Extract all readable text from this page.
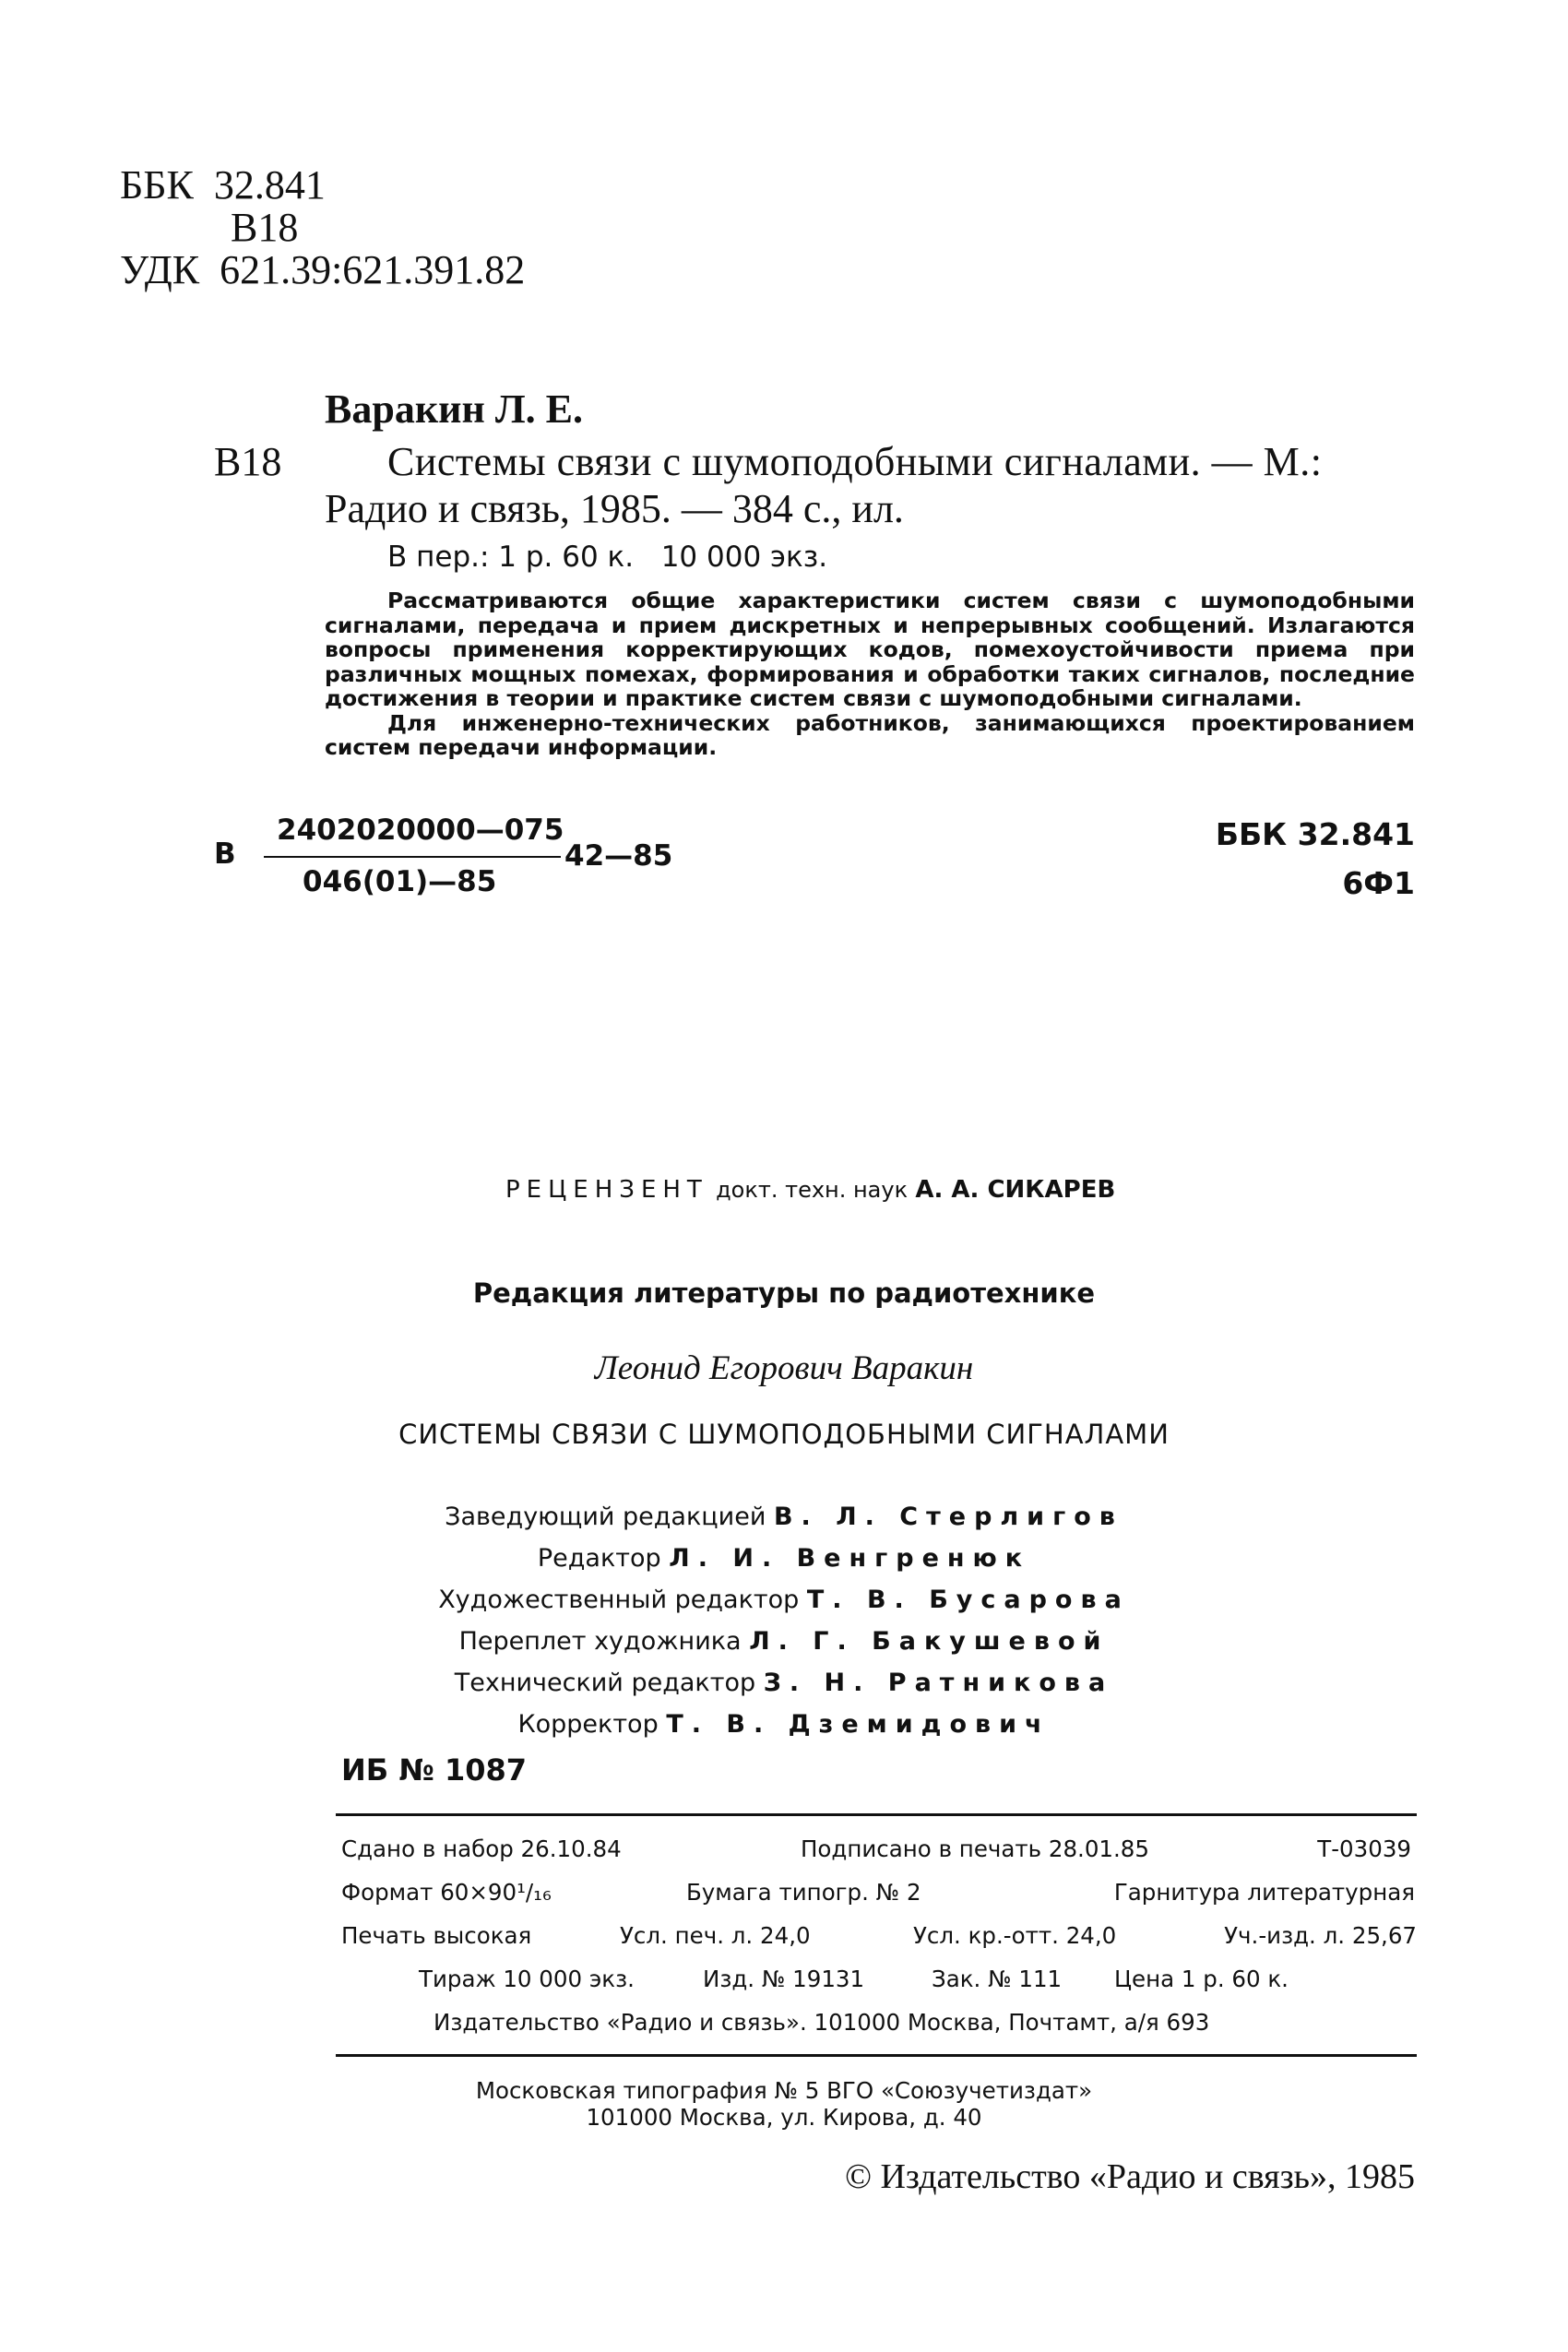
ББК 32.841
В18
УДК 621.39:621.391.82
Варакин Л. Е.
В18	Системы связи с шумоподобными сигналами. — М.:
Радио и связь, 1985. — 384 с., ил.
В пер.: 1 р. 60 к.   10 000 экз.

Рассматриваются общие характеристики систем связи с шумоподобными сигналами, передача и прием дискретных и непрерывных сообщений. Излагаются вопросы применения корректирующих кодов, помехоустойчивости приема при различных мощных помехах, формирования и обработки таких сигналов, последние достижения в теории и практике систем связи с шумоподобными сигналами.

Для инженерно-технических работников, занимающихся проектированием систем передачи информации.

В
2402020000—075
046(01)—85
42—85
ББК 32.841
6Ф1
РЕЦЕНЗЕНТ докт. техн. наук А. А. СИКАРЕВ
Редакция литературы по радиотехнике
Леонид Егорович Варакин
СИСТЕМЫ СВЯЗИ С ШУМОПОДОБНЫМИ СИГНАЛАМИ
Заведующий редакцией В. Л. Стерлигов
Редактор Л. И. Венгренюк
Художественный редактор Т. В. Бусарова
Переплет художника Л. Г. Бакушевой
Технический редактор З. Н. Ратникова
Корректор Т. В. Дземидович
ИБ № 1087
Сдано в набор 26.10.84	Подписано в печать 28.01.85	Т-03039
Формат 60×90¹/₁₆	Бумага типогр. № 2	Гарнитура литературная
Печать высокая	Усл. печ. л. 24,0	Усл. кр.-отт. 24,0	Уч.-изд. л. 25,67
Тираж 10 000 экз.	Изд. № 19131	Зак. № 111 Цена 1 р. 60 к.
Издательство «Радио и связь». 101000 Москва, Почтамт, а/я 693
Московская типография № 5 ВГО «Союзучетиздат»
101000 Москва, ул. Кирова, д. 40
© Издательство «Радио и связь», 1985
